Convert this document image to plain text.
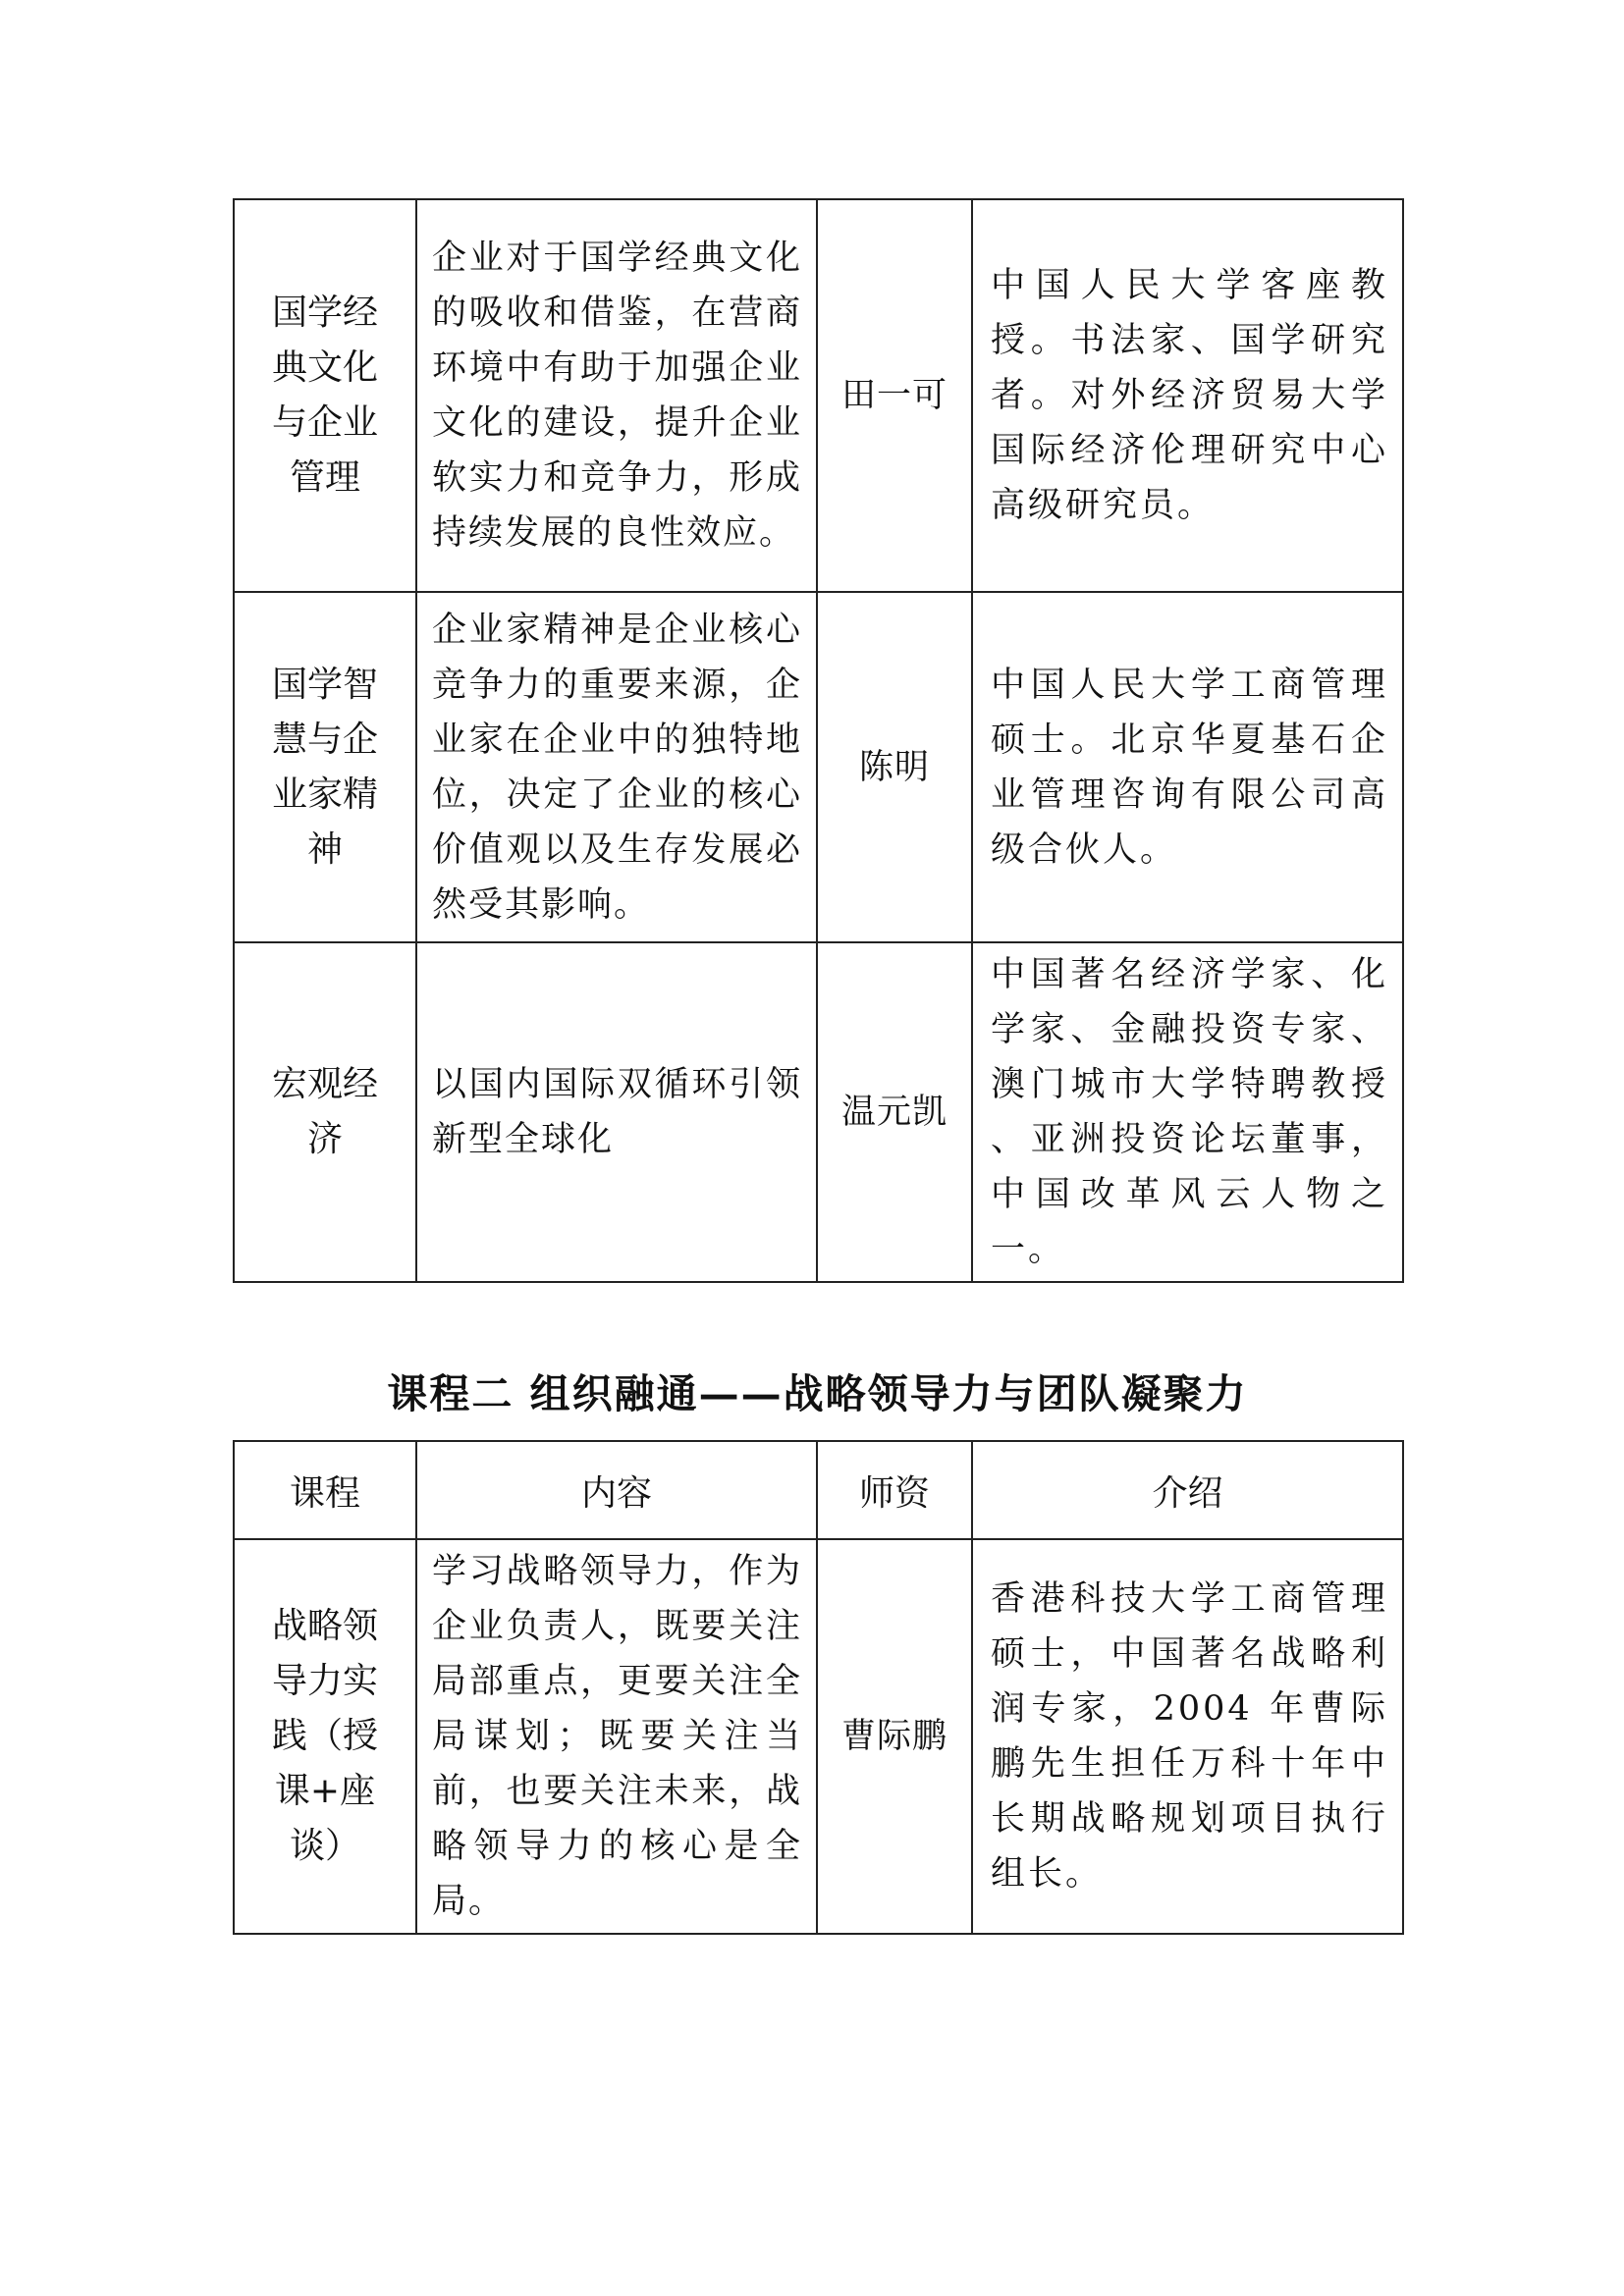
国学经典文化与企业管理	企业对于国学经典文化的吸收和借鉴，在营商环境中有助于加强企业文化的建设，提升企业软实力和竞争力，形成持续发展的良性效应。	田一可	中国人民大学客座教授。书法家、国学研究者。对外经济贸易大学国际经济伦理研究中心高级研究员。
国学智慧与企业家精神	企业家精神是企业核心竞争力的重要来源，企业家在企业中的独特地位，决定了企业的核心价值观以及生存发展必然受其影响。	陈明	中国人民大学工商管理硕士。北京华夏基石企业管理咨询有限公司高级合伙人。
宏观经济	以国内国际双循环引领新型全球化	温元凯	中国著名经济学家、化学家、金融投资专家、澳门城市大学特聘教授 、亚洲投资论坛董事，中国改革风云人物之一。
课程二 组织融通——战略领导力与团队凝聚力
课程	内容	师资	介绍
战略领导力实践（授课+座谈）	学习战略领导力，作为企业负责人，既要关注局部重点，更要关注全局谋划；既要关注当前，也要关注未来，战略领导力的核心是全局。	曹际鹏	香港科技大学工商管理硕士，中国著名战略利润专家，2004 年曹际鹏先生担任万科十年中长期战略规划项目执行组长。
